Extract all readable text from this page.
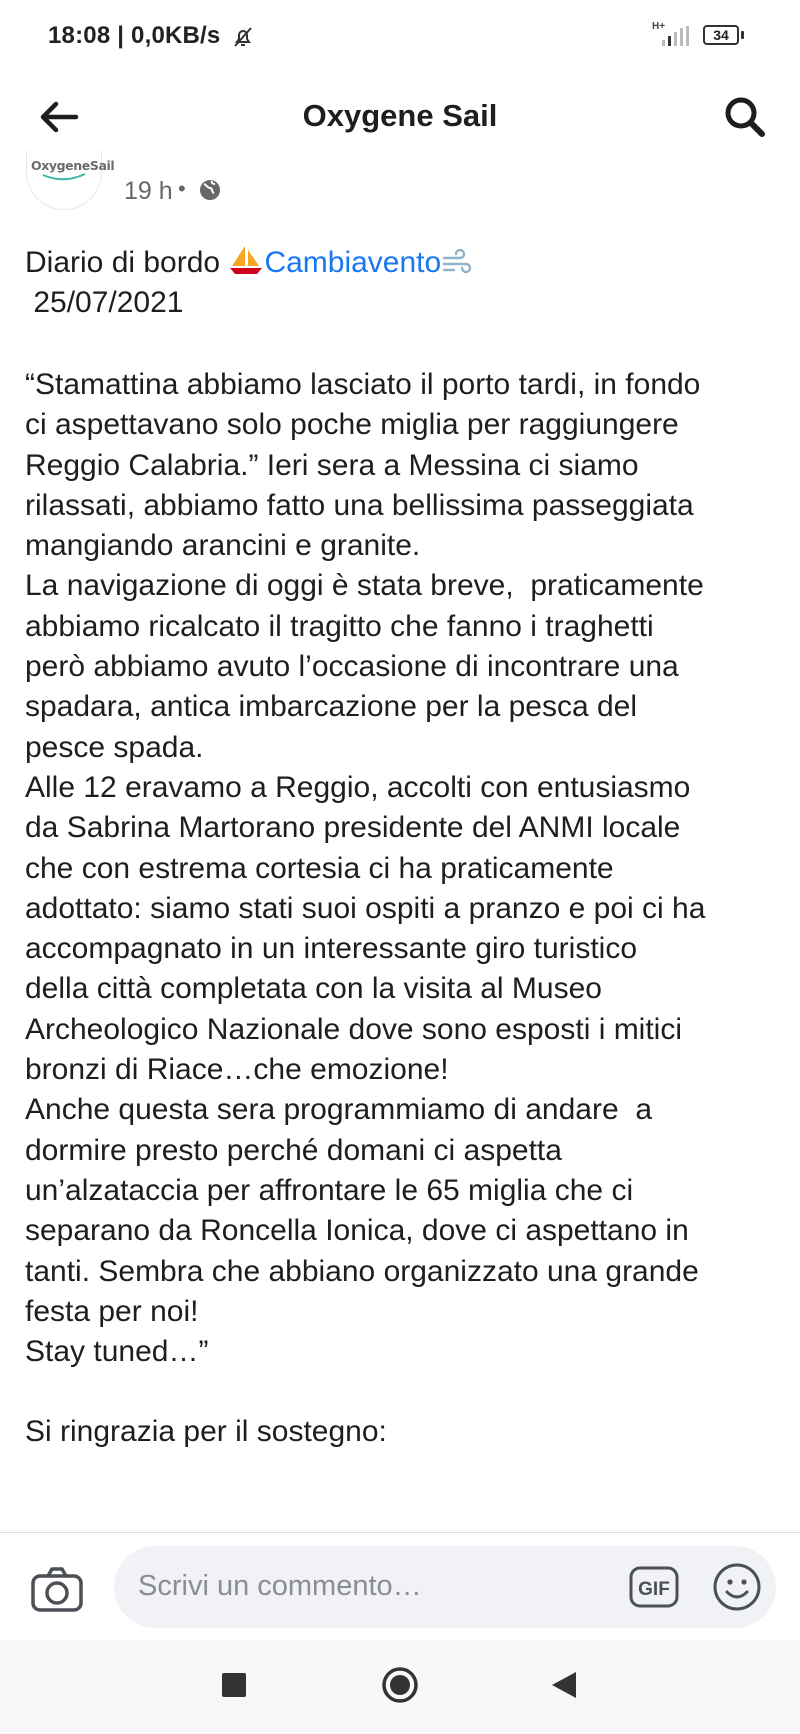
18:08 | 0,0KB/s	H+
34
Oxygene Sail
OxygeneSail
19 h •

Diario di bordo Cambiavento

25/07/2021

“Stamattina abbiamo lasciato il porto tardi, in fondo
ci aspettavano solo poche miglia per raggiungere
Reggio Calabria.” Ieri sera a Messina ci siamo
rilassati, abbiamo fatto una bellissima passeggiata
mangiando arancini e granite.
La navigazione di oggi è stata breve,  praticamente
abbiamo ricalcato il tragitto che fanno i traghetti
però abbiamo avuto l’occasione di incontrare una
spadara, antica imbarcazione per la pesca del
pesce spada.
Alle 12 eravamo a Reggio, accolti con entusiasmo
da Sabrina Martorano presidente del ANMI locale
che con estrema cortesia ci ha praticamente
adottato: siamo stati suoi ospiti a pranzo e poi ci ha
accompagnato in un interessante giro turistico
della città completata con la visita al Museo
Archeologico Nazionale dove sono esposti i mitici
bronzi di Riace…che emozione!
Anche questa sera programmiamo di andare  a
dormire presto perché domani ci aspetta
un’alzataccia per affrontare le 65 miglia che ci
separano da Roncella Ionica, dove ci aspettano in
tanti. Sembra che abbiano organizzato una grande
festa per noi!
Stay tuned…”
Si ringrazia per il sostegno:
Scrivi un commento…	GIF
